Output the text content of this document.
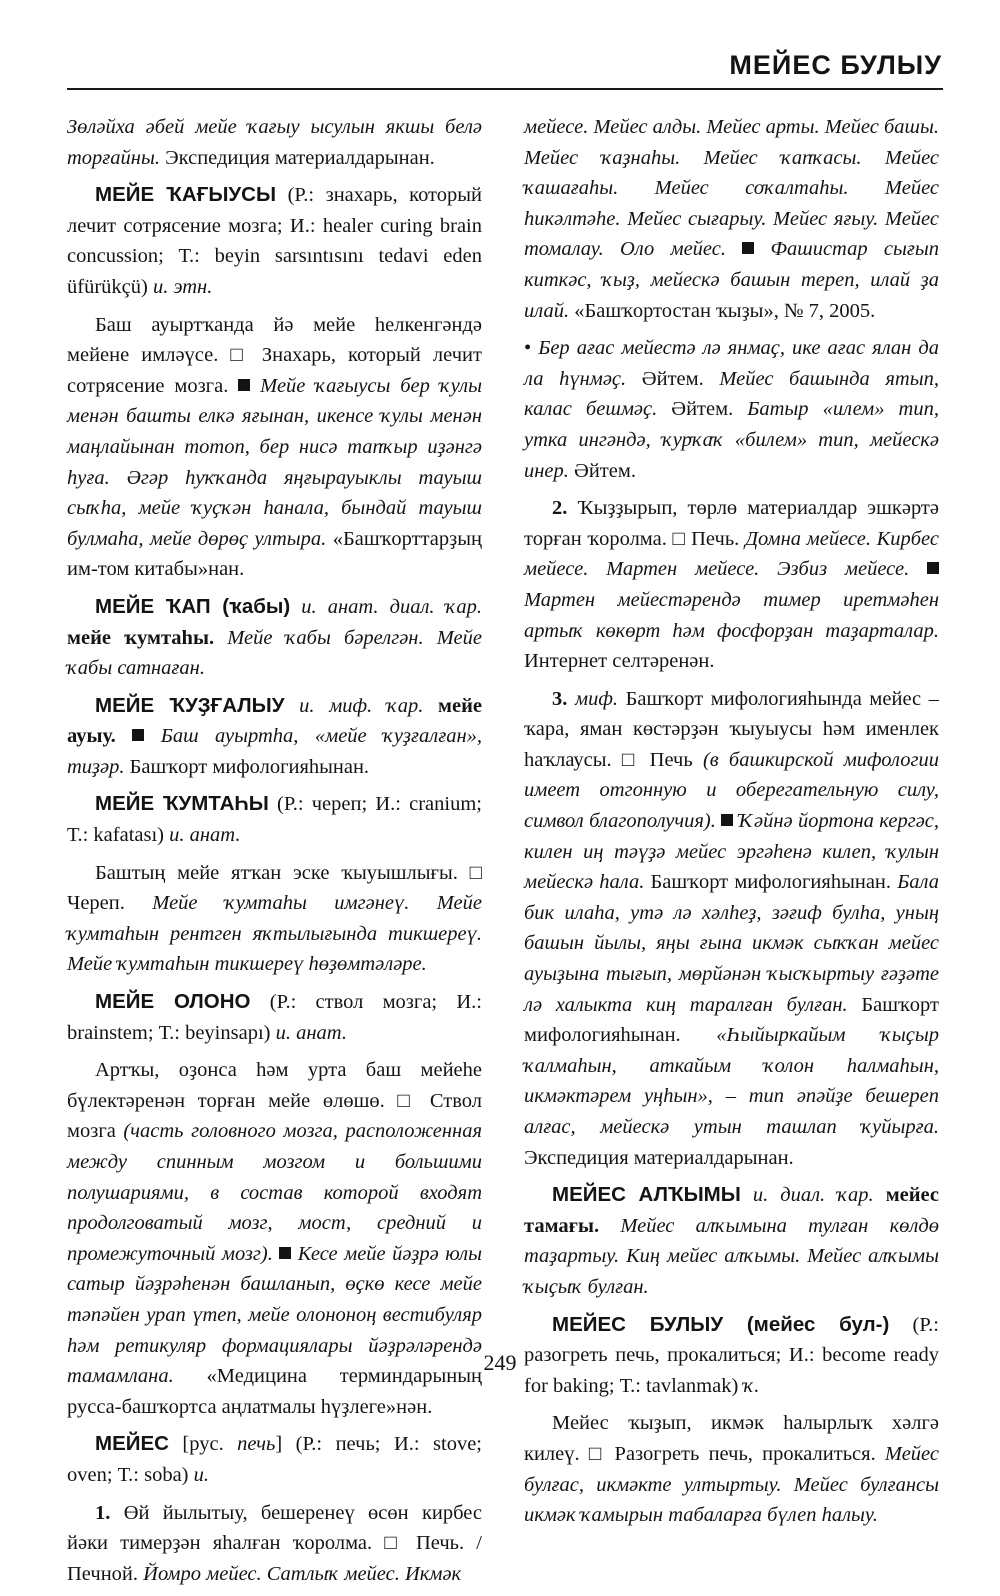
МЕЙЕС БУЛЫУ

Зөләйха әбей мейе ҡағыу ысулын якшы белә торғайны. Экспедиция материалдарынан.

МЕЙЕ ҠАҒЫУСЫ (Р.: знахарь, который лечит сотрясение мозга; И.: healer curing brain concussion; Т.: beyin sarsıntısını tedavi eden üfürükçü) и. этн.

Баш ауыртҡанда йә мейе һелкенгәндә мейене имләүсе. □ Знахарь, который лечит сотрясение мозга.  Мейе ҡағыусы бер ҡулы менән башты елкә яғынан, икенсе ҡулы менән маңлайынан тотоп, бер нисә тапҡыр иҙәнгә һуға. Әгәр һуҡҡанда яңғырауыклы тауыш сыҡһа, мейе ҡуҫҡән һанала, бындай тауыш булмаһа, мейе дөрөҫ ултыра. «Башҡорттарҙың им-том китабы»нан.

МЕЙЕ ҠАП (ҡабы) и. анат. диал. ҡар. мейе ҡумтаһы. Мейе ҡабы бәрелгән. Мейе ҡабы сатнаған.

МЕЙЕ ҠУҘҒАЛЫУ и. миф. ҡар. мейе ауыу.  Баш ауыртһа, «мейе ҡуҙғалған», тиҙәр. Башҡорт мифологияһынан.

МЕЙЕ ҠУМТАҺЫ (Р.: череп; И.: cranium; Т.: kafatası) и. анат.

Баштың мейе ятҡан эске ҡыуышлығы. □ Череп. Мейе ҡумтаһы имгәнеү. Мейе ҡумтаһын рентген яҡтылығында тикшереү. Мейе ҡумтаһын тикшереү һөҙөмтәләре.

МЕЙЕ ОЛОНО (Р.: ствол мозга; И.: brainstem; Т.: beyinsapı) и. анат.

Артҡы, оҙонса һәм урта баш мейеһе бүлектәренән торған мейе өлөшө. □ Ствол мозга (часть головного мозга, расположенная между спинным мозгом и большими полушариями, в состав которой входят продолговатый мозг, мост, средний и промежуточный мозг). Кесе мейе йәҙрә юлы сатыр йәҙрәһенән башланып, өҫкө кесе мейе тәпәйен урап үтеп, мейе олононоң вестибуляр һәм ретикуляр формациялары йәҙрәләрендә тамамлана. «Медицина терминдарының русса-башҡортса аңлатмалы һүҙлеге»нән.

МЕЙЕС [рус. печь] (Р.: печь; И.: stove; oven; Т.: soba) и.

1. Өй йылытыу, бешеренеү өсөн кирбес йәки тимерҙән яһалған ҡоролма. □ Печь. / Печной. Йомро мейес. Сатлыҡ мейес. Икмәк

мейесе. Мейес алды. Мейес арты. Мейес башы. Мейес ҡаҙнаһы. Мейес ҡапҡасы. Мейес ҡашағаһы. Мейес соҡалтаһы. Мейес һикәлтәһе. Мейес сығарыу. Мейес яғыу. Мейес томалау. Оло мейес. Фашистар сығып киткәс, ҡыҙ, мейескә башын тереп, илай ҙа илай. «Башҡортостан ҡыҙы», № 7, 2005.

• Бер ағас мейестә лә янмаҫ, ике ағас ялан да ла һүнмәҫ. Әйтем. Мейес башында ятып, калас бешмәҫ. Әйтем. Батыр «илем» тип, утка ингәндә, ҡурҡаҡ «билем» тип, мейескә инер. Әйтем.

2. Ҡыҙҙырып, төрлө материалдар эшкәртә торған ҡоролма. □ Печь. Домна мейесе. Кирбес мейесе. Мартен мейесе. Эзбиз мейесе.  Мартен мейестәрендә тимер иретмәһен артыҡ көкөрт һәм фосфорҙан таҙарталар. Интернет селтәренән.

3. миф. Башҡорт мифологияһында мейес – ҡара, яман көстәрҙән ҡыуыусы һәм именлек һаҡлаусы. □ Печь (в башкирской мифологии имеет отгонную и оберегательную силу, символ благополучия). Ҡәйнә йортона кергәс, килен иң тәүҙә мейес эргәһенә килеп, ҡулын мейескә һала. Башҡорт мифологияһынан. Бала бик илаһа, утә лә хәлһеҙ, зәғиф булһа, уның башын йылы, яңы ғына икмәк сыҡҡан мейес ауыҙына тығып, мөрйәнән ҡысҡыртыу ғәҙәте лә халыкта киң таралған булған. Башҡорт мифологияһынан. «Һыйыркайым ҡыҫыр ҡалмаһын, аткайым ҡолон һалмаһын, икмәктәрем уңһын», – тип әпәйҙе бешереп алғас, мейескә утын ташлап ҡуйырға. Экспедиция материалдарынан.

МЕЙЕС АЛҠЫМЫ и. диал. ҡар. мейес тамағы. Мейес алҡымына тулған көлдө таҙартыу. Киң мейес алҡымы. Мейес алҡымы ҡыҫыҡ булған.

МЕЙЕС БУЛЫУ (мейес бул-) (Р.: разогреть печь, прокалиться; И.: become ready for baking; Т.: tavlanmak) ҡ.

Мейес ҡыҙып, икмәк һалырлыҡ хәлгә килеү. □ Разогреть печь, прокалиться. Мейес булғас, икмәкте ултыртыу. Мейес булғансы икмәк ҡамырын табаларға бүлеп һалыу.

249
